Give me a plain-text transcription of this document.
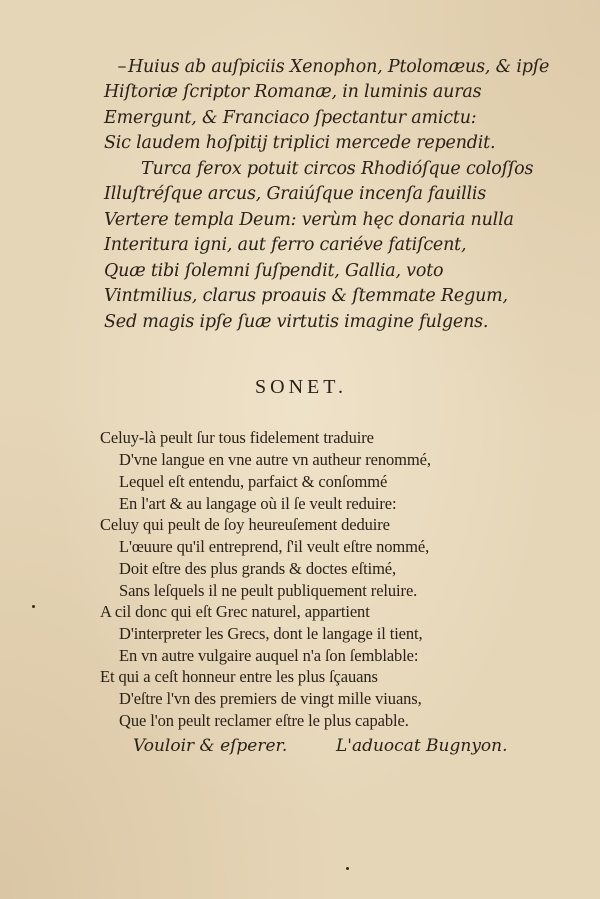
Huius ab auſpiciis Xenophon, Ptolomæus, & ipſe
Hiſtoriæ ſcriptor Romanæ, in luminis auras
Emergunt, & Franciaco ſpectantur amictu:
Sic laudem hoſpitij triplici mercede rependit.
Turca ferox potuit circos Rhodióſque coloſſos
Illuſtréſque arcus, Graiúſque incenſa fauillis
Vertere templa Deum: verùm hęc donaria nulla
Interitura igni, aut ferro cariéve fatiſcent,
Quæ tibi ſolemni ſuſpendit, Gallia, voto
Vintmilius, clarus proauis & ſtemmate Regum,
Sed magis ipſe ſuæ virtutis imagine fulgens.
SONET.
Celuy-là peult ſur tous fidelement traduire
D'vne langue en vne autre vn autheur renommé,
Lequel eſt entendu, parfaict & conſommé
En l'art & au langage où il ſe veult reduire:
Celuy qui peult de ſoy heureuſement deduire
L'œuure qu'il entreprend, ſ'il veult eſtre nommé,
Doit eſtre des plus grands & doctes eſtimé,
Sans leſquels il ne peult publiquement reluire.
A cil donc qui eſt Grec naturel, appartient
D'interpreter les Grecs, dont le langage il tient,
En vn autre vulgaire auquel n'a ſon ſemblable:
Et qui a ceſt honneur entre les plus ſçauans
D'eſtre l'vn des premiers de vingt mille viuans,
Que l'on peult reclamer eſtre le plus capable.
Vouloir & eſperer.	L'aduocat Bugnyon.
